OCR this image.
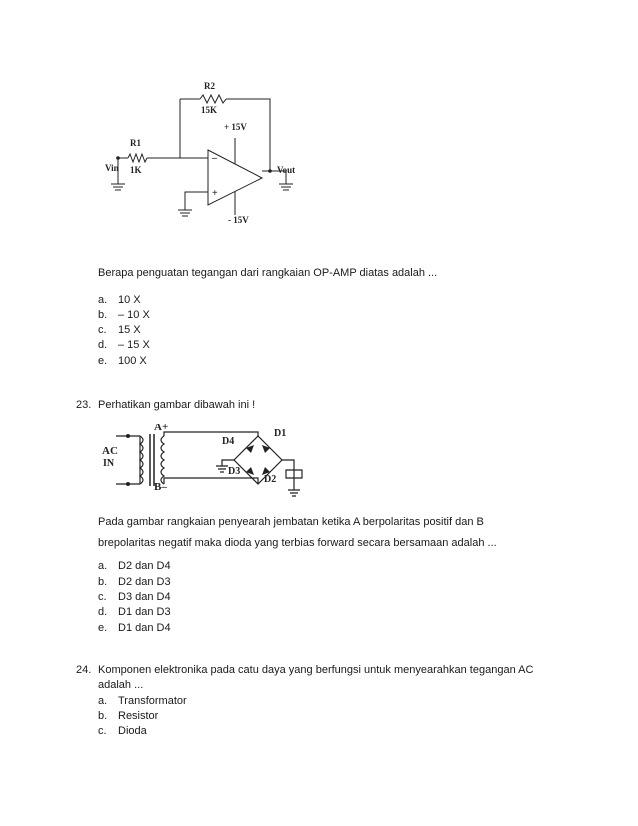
R2
15K
R1
1K
Vin	Vout
+ 15V
- 15V
–
+
Berapa penguatan tegangan dari rangkaian OP-AMP diatas adalah ...
a. 10 X
b. – 10 X
c. 15 X
d. – 15 X
e. 100 X
23. Perhatikan gambar dibawah ini !
AC
IN
A+
B–
D4
D1
D3
D2
Pada gambar rangkaian penyearah jembatan ketika A berpolaritas positif dan B
brepolaritas negatif maka dioda yang terbias forward secara bersamaan adalah ...
a. D2 dan D4
b. D2 dan D3
c. D3 dan D4
d. D1 dan D3
e. D1 dan D4
24. Komponen elektronika pada catu daya yang berfungsi untuk menyearahkan tegangan AC
adalah ...
a. Transformator
b. Resistor
c. Dioda
